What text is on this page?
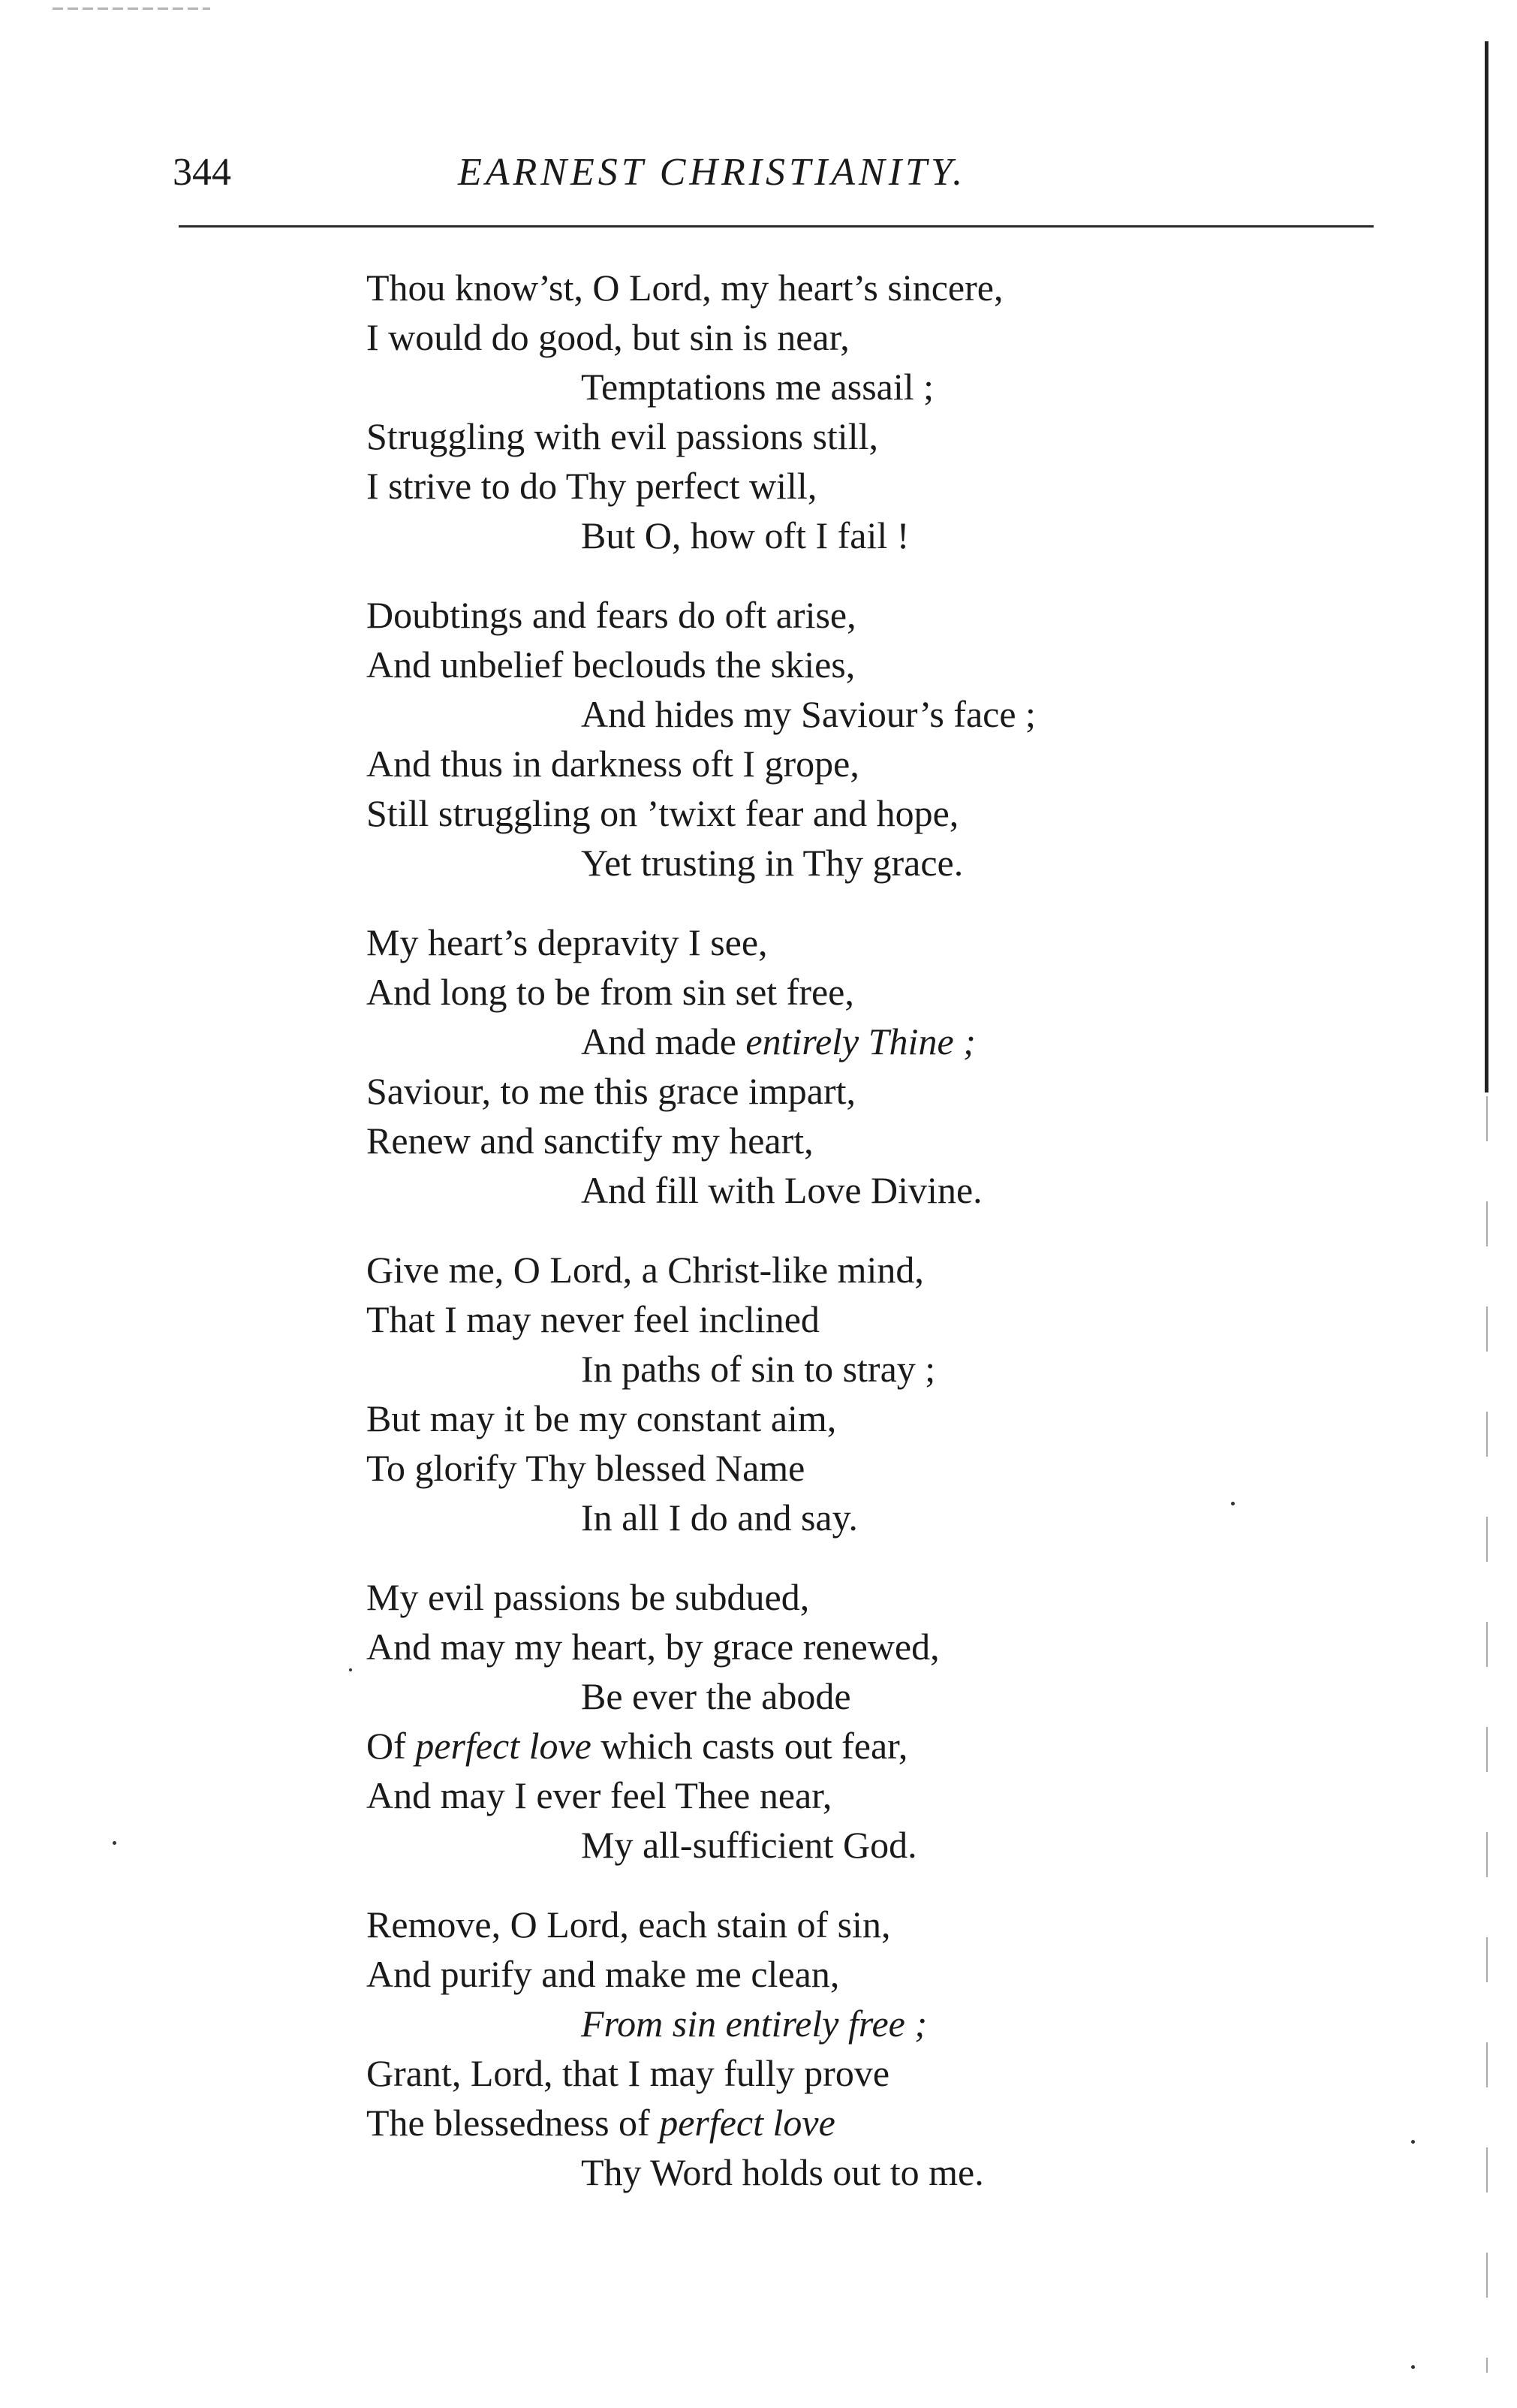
344	EARNEST CHRISTIANITY.
Thou know’st, O Lord, my heart’s sincere,
I would do good, but sin is near,
Temptations me assail ;
Struggling with evil passions still,
I strive to do Thy perfect will,
But O, how oft I fail !
Doubtings and fears do oft arise,
And unbelief beclouds the skies,
And hides my Saviour’s face ;
And thus in darkness oft I grope,
Still struggling on ’twixt fear and hope,
Yet trusting in Thy grace.
My heart’s depravity I see,
And long to be from sin set free,
And made entirely Thine ;
Saviour, to me this grace impart,
Renew and sanctify my heart,
And fill with Love Divine.
Give me, O Lord, a Christ-like mind,
That I may never feel inclined
In paths of sin to stray ;
But may it be my constant aim,
To glorify Thy blessed Name
In all I do and say.
My evil passions be subdued,
And may my heart, by grace renewed,
Be ever the abode
Of perfect love which casts out fear,
And may I ever feel Thee near,
My all-sufficient God.
Remove, O Lord, each stain of sin,
And purify and make me clean,
From sin entirely free ;
Grant, Lord, that I may fully prove
The blessedness of perfect love
Thy Word holds out to me.
